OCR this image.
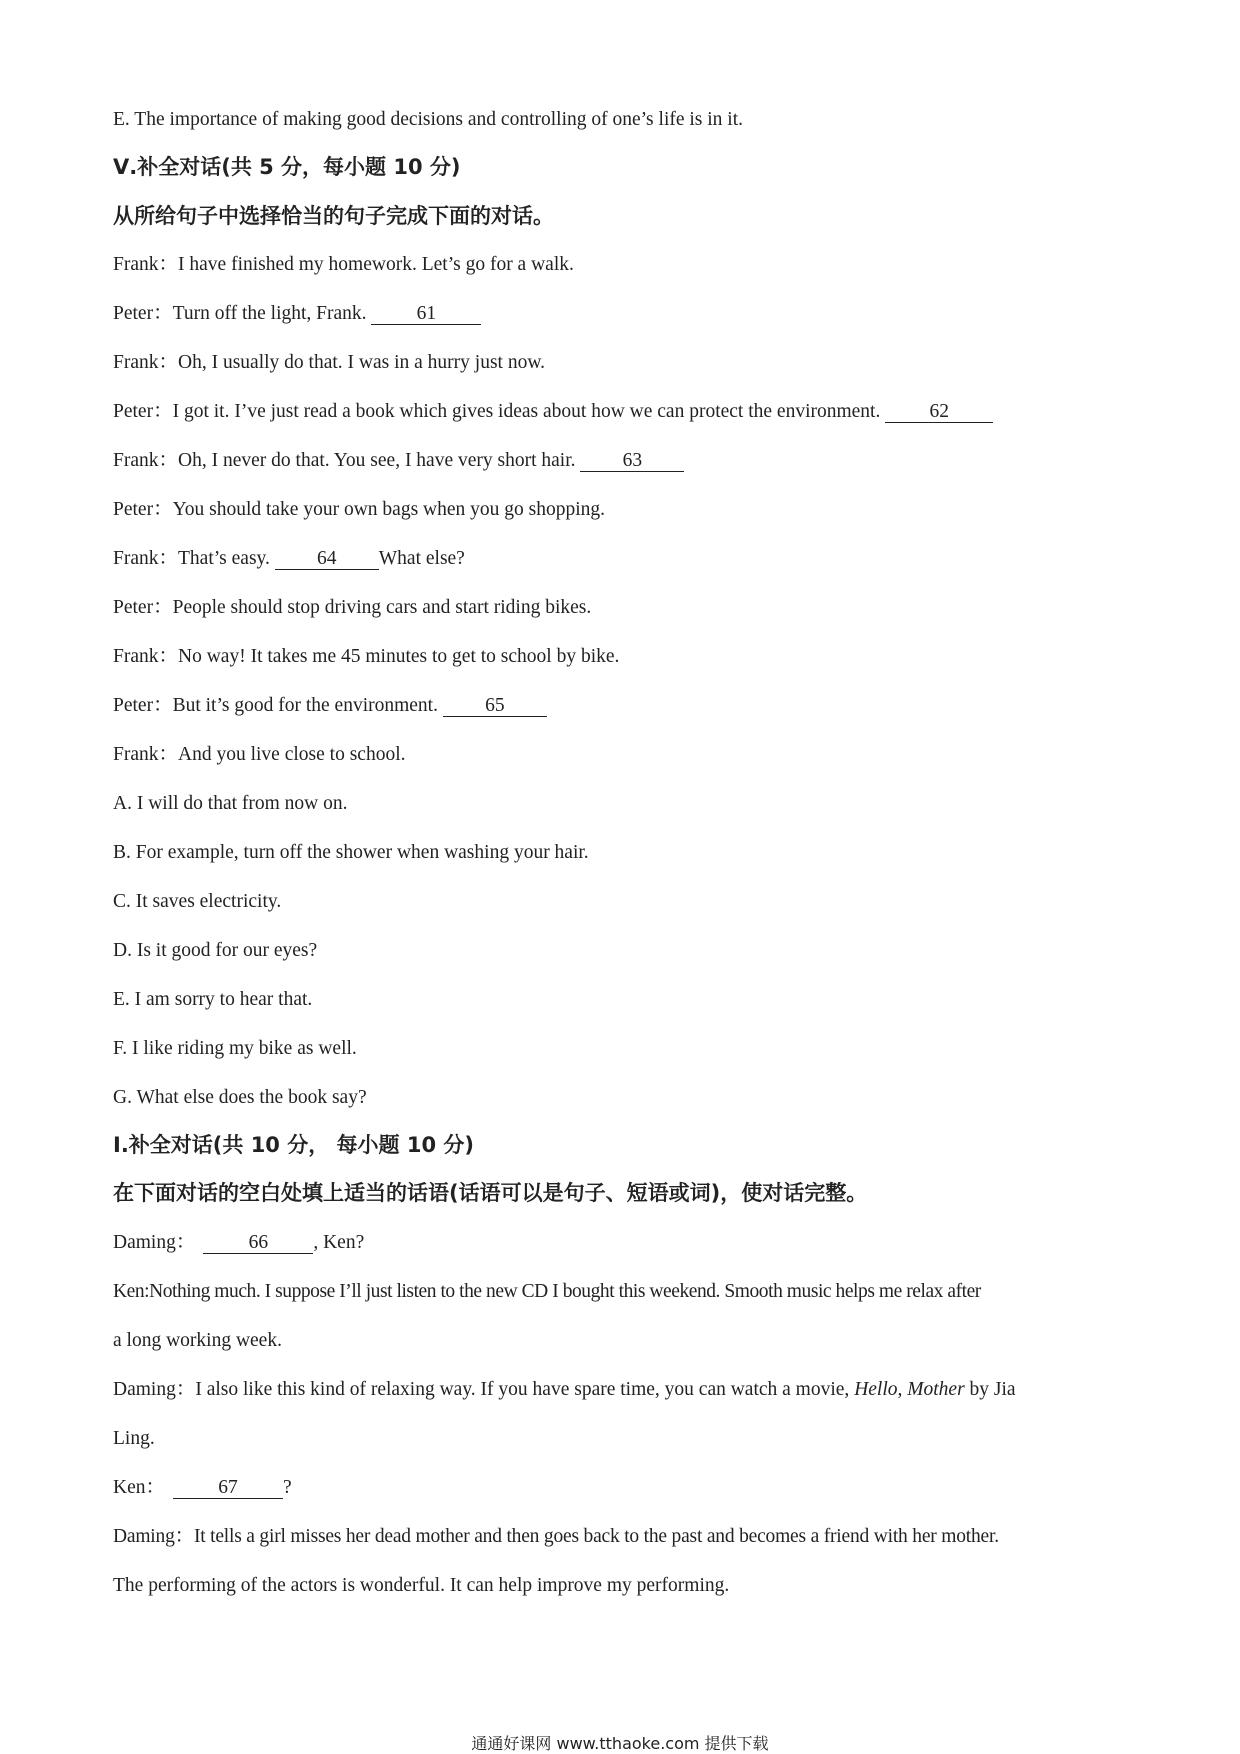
E. The importance of making good decisions and controlling of one’s life is in it.
Ⅴ.补全对话(共 5 分，每小题 10 分)
从所给句子中选择恰当的句子完成下面的对话。
Frank：I have finished my homework. Let’s go for a walk.
Peter：Turn off the light, Frank.	61
Frank：Oh, I usually do that. I was in a hurry just now.
Peter：I got it. I’ve just read a book which gives ideas about how we can protect the environment.	62
Frank：Oh, I never do that. You see, I have very short hair. 63
Peter：You should take your own bags when you go shopping.
Frank：That’s easy. 64 What else?
Peter：People should stop driving cars and start riding bikes.
Frank：No way! It takes me 45 minutes to get to school by bike.
Peter：But it’s good for the environment. 65
Frank：And you live close to school.
A. I will do that from now on.
B. For example, turn off the shower when washing your hair.
C. It saves electricity.
D. Is it good for our eyes?
E. I am sorry to hear that.
F. I like riding my bike as well.
G. What else does the book say?
Ⅰ.补全对话(共 10 分， 每小题 10 分)
在下面对话的空白处填上适当的话语(话语可以是句子、短语或词)，使对话完整。
Daming：	66 , Ken?
Ken:Nothing much. I suppose I’ll just listen to the new CD I bought this weekend. Smooth music helps me relax after
a long working week.
Daming：I also like this kind of relaxing way. If you have spare time, you can watch a movie, Hello, Mother by Jia
Ling.
Ken：	67 ?
Daming：It tells a girl misses her dead mother and then goes back to the past and becomes a friend with her mother.
The performing of the actors is wonderful. It can help improve my performing.
通通好课网 www.tthaoke.com 提供下载
